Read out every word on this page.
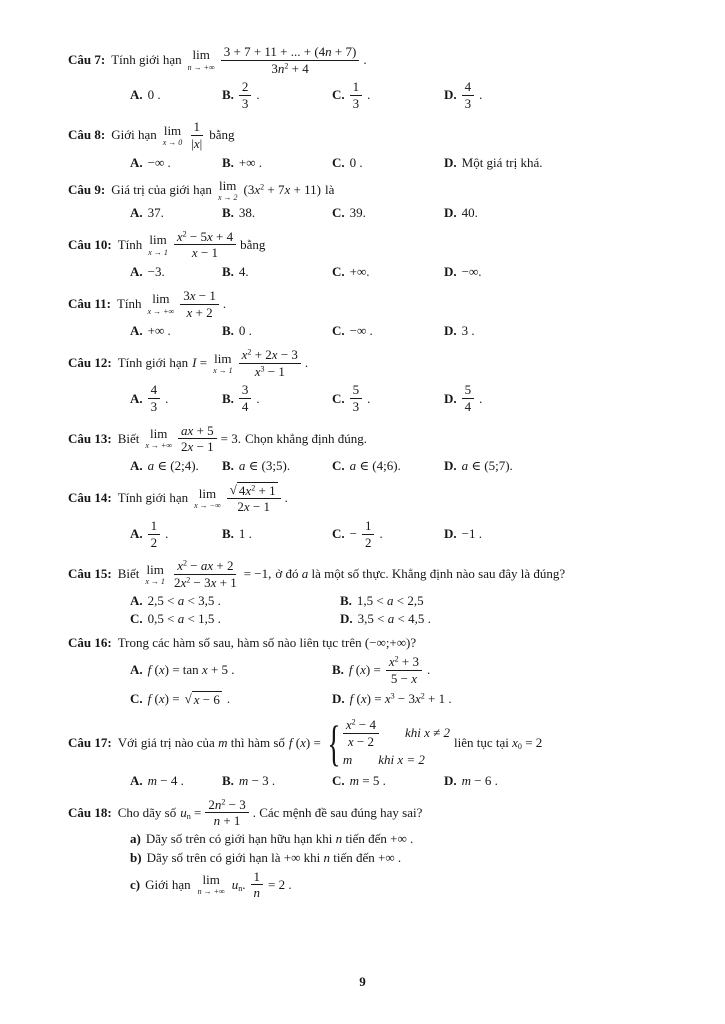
Câu 7: Tính giới hạn lim
n → +∞ $\frac{3 + 7 + 11 + ... + (4n + 7)}{3n^2 + 4}$ .
A. 0 .	B. $\frac{2}{3}$ .	C. $\frac{1}{3}$ .	D. $\frac{4}{3}$ .
Câu 8: Giới hạn lim
$x \to 0 \frac{1}{|x|}$ bằng
A. −∞ .	B. +∞ .	C. 0 .	D. Một giá trị khá.
Câu 9: Giá trị của giới hạn lim
x → 2
$(3x^2 + 7x + 11)$ là
A. 37.	B. 38.	C. 39.	D. 40.
Câu 10: Tính lim
$x \to 1 \frac{x^2 - 5x + 4}{x - 1}$ bằng
A. −3.	B. 4.	C. +∞.	D. −∞.
Câu 11: Tính lim
x → +∞ $\frac{3x - 1}{x + 2}$ .
A. +∞ .	B. 0 .	C. −∞ .	D. 3 .
Câu 12: Tính giới hạn I = lim
$x \to 1 \frac{x^2 + 2x - 3}{x^3 - 1}$ .
A. $\frac{4}{3}$ .	B. $\frac{3}{4}$ .	C. $\frac{5}{3}$ .	D. $\frac{5}{4}$ .
Câu 13: Biết lim
x → +∞ $\frac{ax + 5}{2x - 1} = 3$. Chọn khẳng định đúng.
A. a ∈ (2;4). B. a ∈ (3;5).	C. a ∈ (4;6).	D. a ∈ (5;7).
Câu 14: Tính giới hạn lim
x → −∞ $\frac{√ 4x^2 + 1}{2x - 1}$ .
A. $\frac{1}{2}$ .	B. 1 .	C. − $\frac{1}{2}$ .	D. −1 .
Câu 15: Biết lim
$x \to 1 \frac{x^2 - ax + 2}{2x^2 - 3x + 1} = -1$, ở đó a là một số thực. Khẳng định nào sau đây là đúng?
A. 2,5 < a < 3,5 .	B. 1,5 < a < 2,5
C. 0,5 < a < 1,5 .	D. 3,5 < a < 4,5 .
Câu 16: Trong các hàm số sau, hàm số nào liên tục trên (−∞;+∞)?
A. f (x) = tan x + 5 .	B. f $(x) = \frac{x^2 + 3}{5 - x}$ .
C. f (x) = √ x − 6 .	D. f $(x) = x^3 - 3x^2 + 1$ .
Câu 17: Với giá trị nào của m thì hàm số f (x) = { $\frac{x^2 - 4}{x - 2}$ khi x ≠ 2
m khi x = 2
liên tục tại $x_0 = 2$
A. m − 4 .	B. m − 3 .	C. m = 5 .	D. m − 6 .
Câu 18: Cho dãy số $u_n = \frac{2n^2 - 3}{n + 1}$ . Các mệnh đề sau đúng hay sai?
a) Dãy số trên có giới hạn hữu hạn khi n tiến đến +∞ .
b) Dãy số trên có giới hạn là +∞ khi n tiến đến +∞ .
c) Giới hạn lim
n → +∞
$u_n$. $\frac{1}{n} = 2$ .
9
